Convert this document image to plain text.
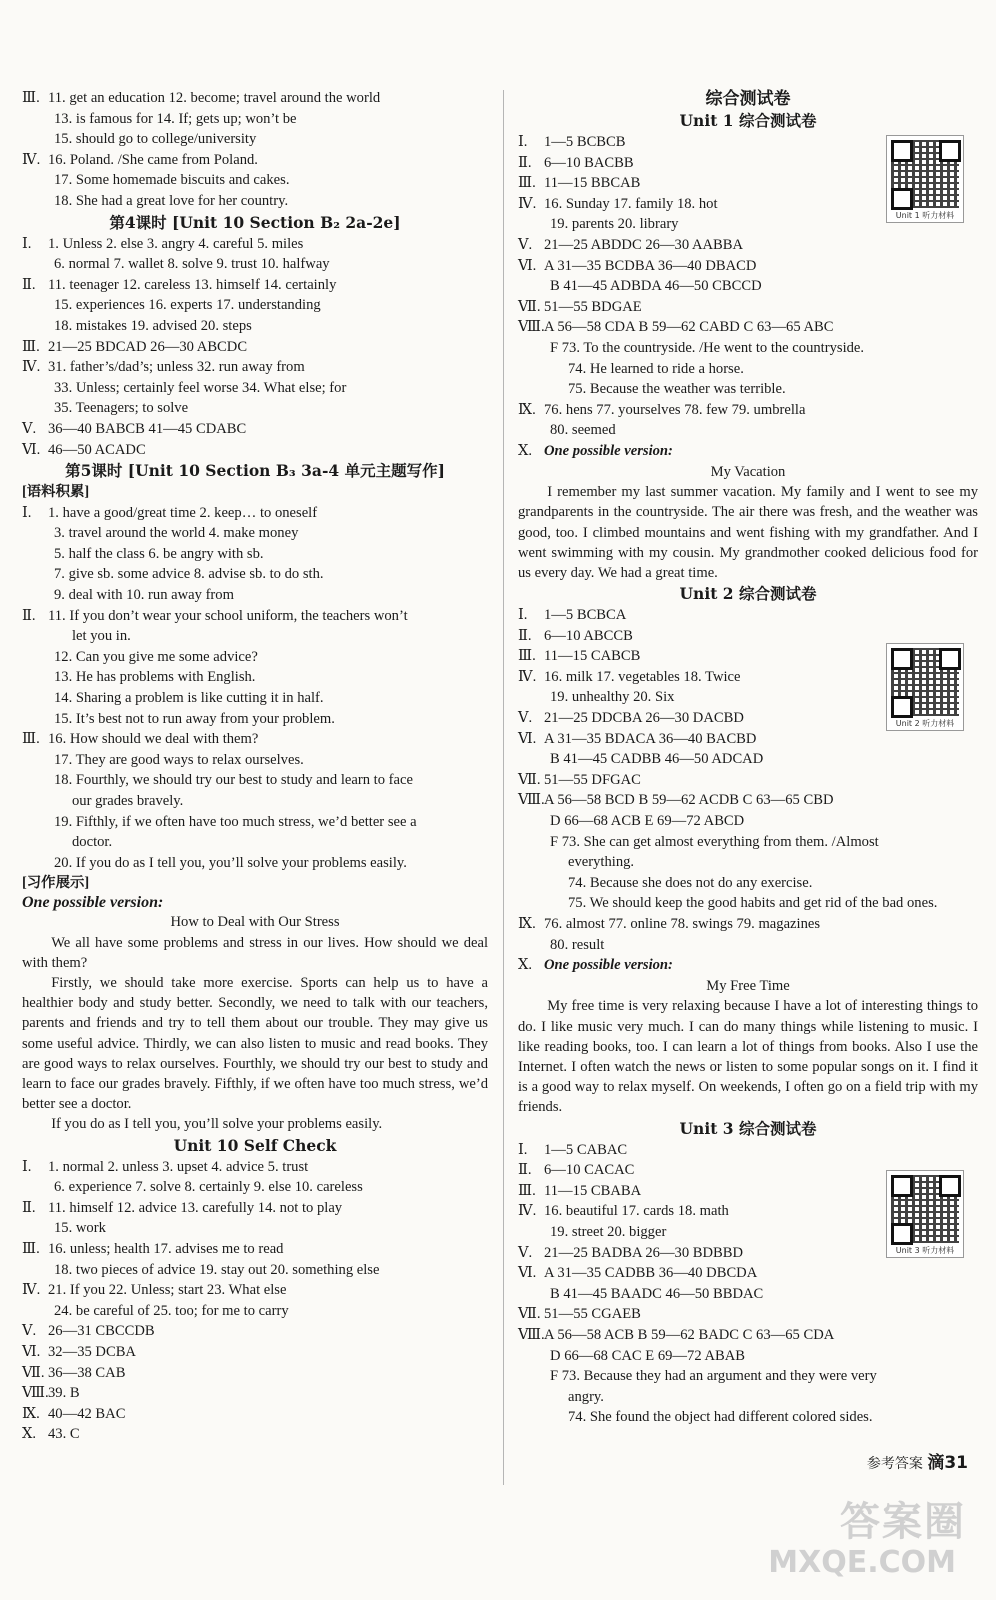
Ⅲ. 11. get an education 12. become; travel around the world
13. is famous for 14. If; gets up; won’t be
15. should go to college/university
Ⅳ. 16. Poland. /She came from Poland.
17. Some homemade biscuits and cakes.
18. She had a great love for her country.
第4课时 [Unit 10 Section B₂ 2a-2e]
Ⅰ.	1. Unless 2. else 3. angry 4. careful 5. miles
6. normal 7. wallet 8. solve 9. trust 10. halfway
Ⅱ. 11. teenager 12. careless 13. himself 14. certainly
15. experiences 16. experts 17. understanding
18. mistakes 19. advised 20. steps
Ⅲ. 21—25 BDCAD 26—30 ABCDC
Ⅳ. 31. father’s/dad’s; unless 32. run away from
33. Unless; certainly feel worse 34. What else; for
35. Teenagers; to solve
Ⅴ. 36—40 BABCB 41—45 CDABC
Ⅵ. 46—50 ACADC
第5课时 [Unit 10 Section B₃ 3a-4 单元主题写作]
[语料积累]
Ⅰ.	1. have a good/great time 2. keep… to oneself
3. travel around the world 4. make money
5. half the class 6. be angry with sb.
7. give sb. some advice 8. advise sb. to do sth.
9. deal with 10. run away from
Ⅱ. 11. If you don’t wear your school uniform, the teachers won’t
let you in.
12. Can you give me some advice?
13. He has problems with English.
14. Sharing a problem is like cutting it in half.
15. It’s best not to run away from your problem.
Ⅲ. 16. How should we deal with them?
17. They are good ways to relax ourselves.
18. Fourthly, we should try our best to study and learn to face
our grades bravely.
19. Fifthly, if we often have too much stress, we’d better see a
doctor.
20. If you do as I tell you, you’ll solve your problems easily.
[习作展示]
One possible version:
How to Deal with Our Stress

We all have some problems and stress in our lives. How should we deal with them?

Firstly, we should take more exercise. Sports can help us to have a healthier body and study better. Secondly, we need to talk with our teachers, parents and friends and try to tell them about our trouble. They may give us some useful advice. Thirdly, we can also listen to music and read books. They are good ways to relax ourselves. Fourthly, we should try our best to study and learn to face our grades bravely. Fifthly, if we often have too much stress, we’d better see a doctor.

If you do as I tell you, you’ll solve your problems easily.

Unit 10 Self Check
Ⅰ.	1. normal 2. unless 3. upset 4. advice 5. trust
6. experience 7. solve 8. certainly 9. else 10. careless
Ⅱ. 11. himself 12. advice 13. carefully 14. not to play
15. work
Ⅲ. 16. unless; health 17. advises me to read
18. two pieces of advice 19. stay out 20. something else
Ⅳ. 21. If you 22. Unless; start 23. What else
24. be careful of 25. too; for me to carry
Ⅴ. 26—31 CBCCDB
Ⅵ. 32—35 DCBA
Ⅶ. 36—38 CAB
Ⅷ. 39. B
Ⅸ. 40—42 BAC
Ⅹ. 43. C
综合测试卷
Unit 1 综合测试卷
Ⅰ.	1—5 BCBCB
Ⅱ. 6—10 BACBB
Ⅲ. 11—15 BBCAB
Ⅳ. 16. Sunday 17. family 18. hot
19. parents 20. library
Ⅴ. 21—25 ABDDC 26—30 AABBA
Ⅵ. A 31—35 BCDBA 36—40 DBACD
B 41—45 ADBDA 46—50 CBCCD
Ⅶ. 51—55 BDGAE
Ⅷ. A 56—58 CDA B 59—62 CABD C 63—65 ABC
F 73. To the countryside. /He went to the countryside.
74. He learned to ride a horse.
75. Because the weather was terrible.
Ⅸ. 76. hens 77. yourselves 78. few 79. umbrella
80. seemed
Ⅹ. One possible version:
My Vacation

I remember my last summer vacation. My family and I went to see my grandparents in the countryside. The air there was fresh, and the weather was good, too. I climbed mountains and went fishing with my grandfather. And I went swimming with my cousin. My grandmother cooked delicious food for us every day. We had a great time.

Unit 2 综合测试卷
Ⅰ.	1—5 BCBCA
Ⅱ. 6—10 ABCCB
Ⅲ. 11—15 CABCB
Ⅳ. 16. milk 17. vegetables 18. Twice
19. unhealthy 20. Six
Ⅴ. 21—25 DDCBA 26—30 DACBD
Ⅵ. A 31—35 BDACA 36—40 BACBD
B 41—45 CADBB 46—50 ADCAD
Ⅶ. 51—55 DFGAC
Ⅷ. A 56—58 BCD B 59—62 ACDB C 63—65 CBD
D 66—68 ACB E 69—72 ABCD
F 73. She can get almost everything from them. /Almost
everything.
74. Because she does not do any exercise.
75. We should keep the good habits and get rid of the bad ones.
Ⅸ. 76. almost 77. online 78. swings 79. magazines
80. result
Ⅹ. One possible version:
My Free Time

My free time is very relaxing because I have a lot of interesting things to do. I like music very much. I can do many things while listening to music. I like reading books, too. I can learn a lot of things from books. Also I use the Internet. I often watch the news or listen to some popular songs on it. I find it is a good way to relax myself. On weekends, I often go on a field trip with my friends.

Unit 3 综合测试卷
Ⅰ.	1—5 CABAC
Ⅱ. 6—10 CACAC
Ⅲ. 11—15 CBABA
Ⅳ. 16. beautiful 17. cards 18. math
19. street 20. bigger
Ⅴ. 21—25 BADBA 26—30 BDBBD
Ⅵ. A 31—35 CADBB 36—40 DBCDA
B 41—45 BAADC 46—50 BBDAC
Ⅶ. 51—55 CGAEB
Ⅷ. A 56—58 ACB B 59—62 BADC C 63—65 CDA
D 66—68 CAC E 69—72 ABAB
F 73. Because they had an argument and they were very
angry.
74. She found the object had different colored sides.
Unit 1 听力材料
Unit 2 听力材料
Unit 3 听力材料
参考答案 滴31
答案圈
MXQE.COM
